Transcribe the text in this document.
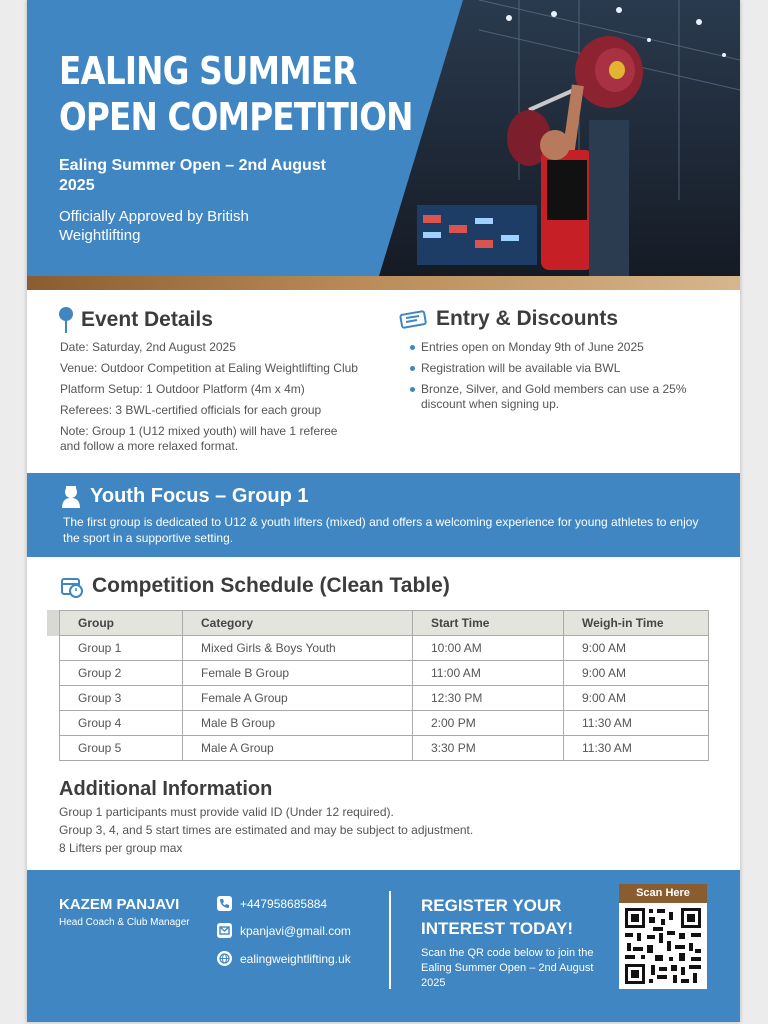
EALING SUMMER
OPEN COMPETITION
Ealing Summer Open – 2nd August 2025
Officially Approved by British Weightlifting
Event Details

Date: Saturday, 2nd August 2025

Venue: Outdoor Competition at Ealing Weightlifting Club

Platform Setup: 1 Outdoor Platform (4m x 4m)

Referees: 3 BWL-certified officials for each group

Note: Group 1 (U12 mixed youth) will have 1 referee and follow a more relaxed format.

Entry & Discounts
Entries open on Monday 9th of June 2025
Registration will be available via BWL
Bronze, Silver, and Gold members can use a 25% discount when signing up.
Youth Focus – Group 1
The first group is dedicated to U12 & youth lifters (mixed) and offers a welcoming experience for young athletes to enjoy the sport in a supportive setting.
Competition Schedule (Clean Table)
Group	Category	Start Time	Weigh-in Time
Group 1	Mixed Girls & Boys Youth	10:00 AM	9:00 AM
Group 2	Female B Group	11:00 AM	9:00 AM
Group 3	Female A Group	12:30 PM	9:00 AM
Group 4	Male B Group	2:00 PM	11:30 AM
Group 5	Male A Group	3:30 PM	11:30 AM
Additional Information

Group 1 participants must provide valid ID (Under 12 required).

Group 3, 4, and 5 start times are estimated and may be subject to adjustment.

8 Lifters per group max

KAZEM PANJAVI
Head Coach & Club Manager
+447958685884
kpanjavi@gmail.com
ealingweightlifting.uk
REGISTER YOUR INTEREST TODAY!
Scan the QR code below to join the Ealing Summer Open – 2nd August 2025
Scan Here
